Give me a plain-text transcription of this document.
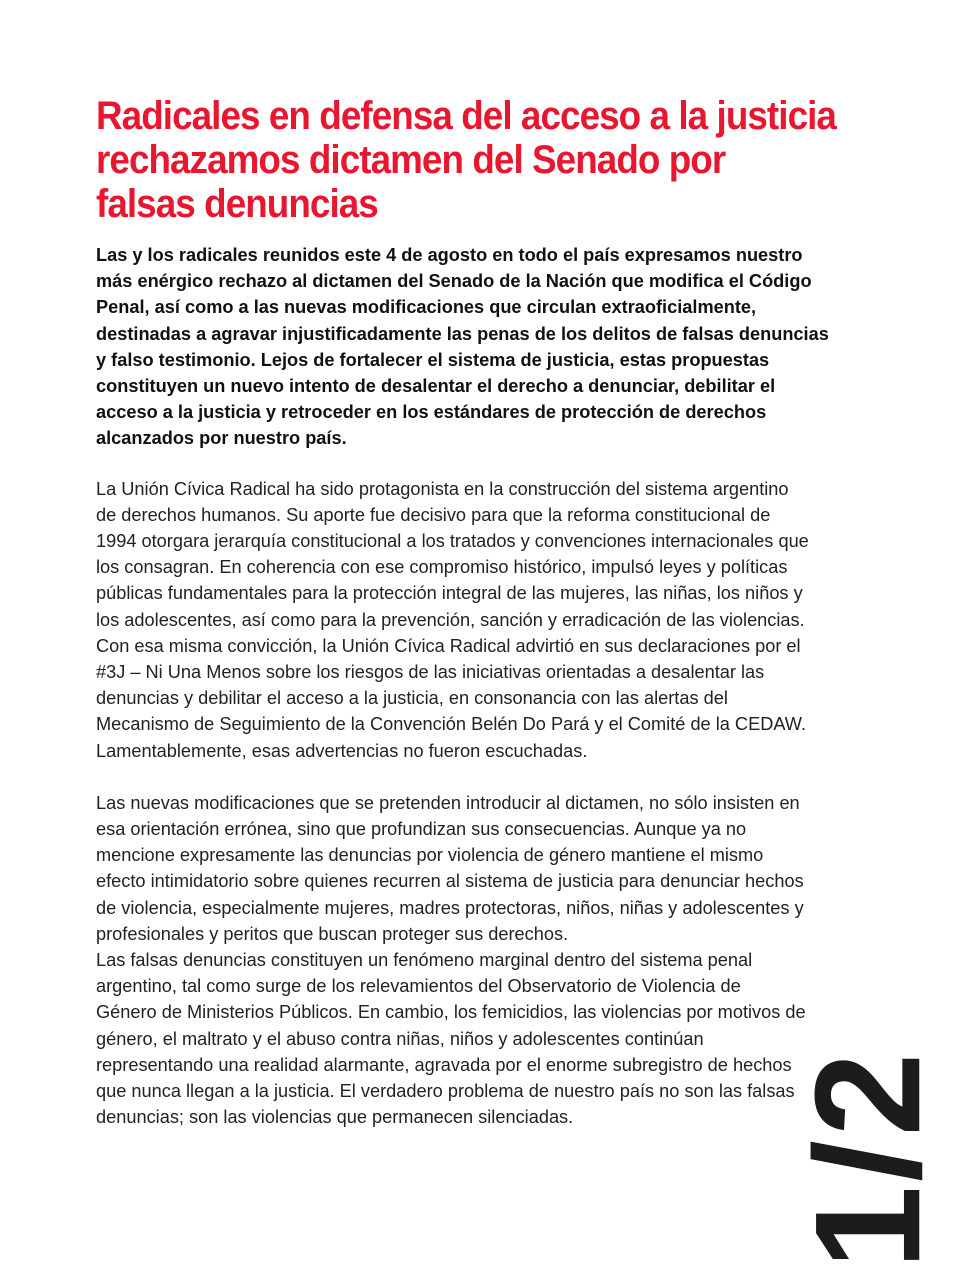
Radicales en defensa del acceso a la justicia
rechazamos dictamen del Senado por
falsas denuncias

Las y los radicales reunidos este 4 de agosto en todo el país expresamos nuestro
más enérgico rechazo al dictamen del Senado de la Nación que modifica el Código
Penal, así como a las nuevas modificaciones que circulan extraoficialmente,
destinadas a agravar injustificadamente las penas de los delitos de falsas denuncias
y falso testimonio. Lejos de fortalecer el sistema de justicia, estas propuestas
constituyen un nuevo intento de desalentar el derecho a denunciar, debilitar el
acceso a la justicia y retroceder en los estándares de protección de derechos
alcanzados por nuestro país.

La Unión Cívica Radical ha sido protagonista en la construcción del sistema argentino
de derechos humanos. Su aporte fue decisivo para que la reforma constitucional de
1994 otorgara jerarquía constitucional a los tratados y convenciones internacionales que
los consagran. En coherencia con ese compromiso histórico, impulsó leyes y políticas
públicas fundamentales para la protección integral de las mujeres, las niñas, los niños y
los adolescentes, así como para la prevención, sanción y erradicación de las violencias.
Con esa misma convicción, la Unión Cívica Radical advirtió en sus declaraciones por el
#3J – Ni Una Menos sobre los riesgos de las iniciativas orientadas a desalentar las
denuncias y debilitar el acceso a la justicia, en consonancia con las alertas del
Mecanismo de Seguimiento de la Convención Belén Do Pará y el Comité de la CEDAW.
Lamentablemente, esas advertencias no fueron escuchadas.

Las nuevas modificaciones que se pretenden introducir al dictamen, no sólo insisten en
esa orientación errónea, sino que profundizan sus consecuencias. Aunque ya no
mencione expresamente las denuncias por violencia de género mantiene el mismo
efecto intimidatorio sobre quienes recurren al sistema de justicia para denunciar hechos
de violencia, especialmente mujeres, madres protectoras, niños, niñas y adolescentes y
profesionales y peritos que buscan proteger sus derechos.
Las falsas denuncias constituyen un fenómeno marginal dentro del sistema penal
argentino, tal como surge de los relevamientos del Observatorio de Violencia de
Género de Ministerios Públicos. En cambio, los femicidios, las violencias por motivos de
género, el maltrato y el abuso contra niñas, niños y adolescentes continúan
representando una realidad alarmante, agravada por el enorme subregistro de hechos
que nunca llegan a la justicia. El verdadero problema de nuestro país no son las falsas
denuncias; son las violencias que permanecen silenciadas.	1/2
